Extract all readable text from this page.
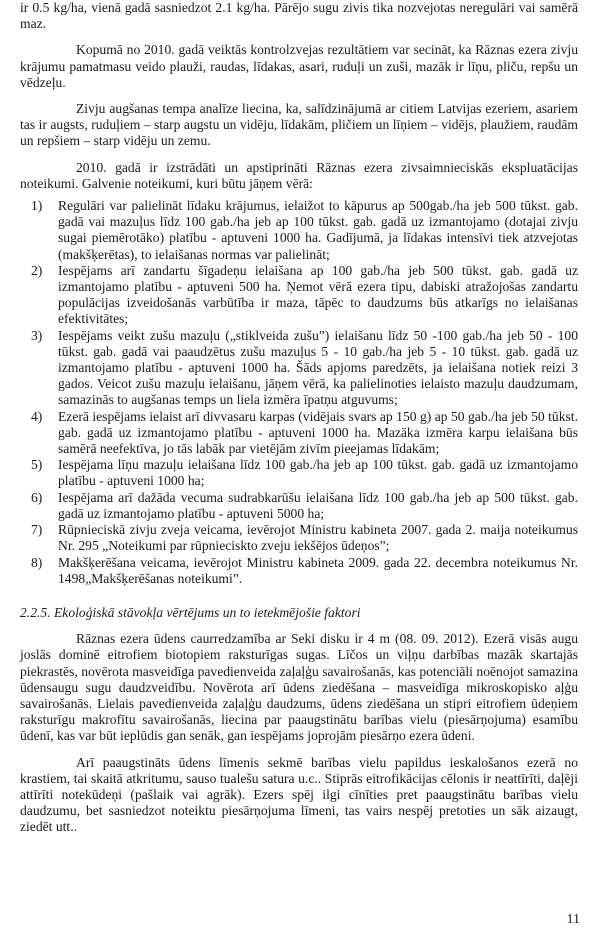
ir 0.5 kg/ha, vienā gadā sasniedzot 2.1 kg/ha. Pārējo sugu zivis tika nozvejotas neregulāri vai samērā maz.

Kopumā no 2010. gadā veiktās kontrolzvejas rezultātiem var secināt, ka Rāznas ezera zivju krājumu pamatmasu veido plauži, raudas, līdakas, asari, ruduļi un zuši, mazāk ir līņu, pliču, repšu un vēdzeļu.

Zivju augšanas tempa analīze liecina, ka, salīdzinājumā ar citiem Latvijas ezeriem, asariem tas ir augsts, ruduļiem – starp augstu un vidēju, līdakām, pličiem un līņiem – vidējs, plaužiem, raudām un repšiem – starp vidēju un zemu.

2010. gadā ir izstrādāti un apstiprināti Rāznas ezera zivsaimnieciskās ekspluatācijas noteikumi. Galvenie noteikumi, kuri būtu jāņem vērā:

1) Regulāri var palielināt līdaku krājumus, ielaižot to kāpurus ap 500gab./ha jeb 500 tūkst. gab. gadā vai mazuļus līdz 100 gab./ha jeb ap 100 tūkst. gab. gadā uz izmantojamo (dotajai zivju sugai piemērotāko) platību - aptuveni 1000 ha. Gadījumā, ja līdakas intensīvi tiek atzvejotas (makšķerētas), to ielaišanas normas var palielināt;
2) Iespējams arī zandartu šīgadeņu ielaišana ap 100 gab./ha jeb 500 tūkst. gab. gadā uz izmantojamo platību - aptuveni 500 ha. Ņemot vērā ezera tipu, dabiski atražojošas zandartu populācijas izveidošanās varbūtība ir maza, tāpēc to daudzums būs atkarīgs no ielaišanas efektivitātes;
3) Iespējams veikt zušu mazuļu („stiklveida zušu”) ielaišanu līdz 50 -100 gab./ha jeb 50 - 100 tūkst. gab. gadā vai paaudzētus zušu mazuļus 5 - 10 gab./ha jeb 5 - 10 tūkst. gab. gadā uz izmantojamo platību - aptuveni 1000 ha. Šāds apjoms paredzēts, ja ielaišana notiek reizi 3 gados. Veicot zušu mazuļu ielaišanu, jāņem vērā, ka palielinoties ielaisto mazuļu daudzumam, samazinās to augšanas temps un liela izmēra īpatņu atguvums;
4) Ezerā iespējams ielaist arī divvasaru karpas (vidējais svars ap 150 g) ap 50 gab./ha jeb 50 tūkst. gab. gadā uz izmantojamo platību - aptuveni 1000 ha. Mazāka izmēra karpu ielaišana būs samērā neefektīva, jo tās labāk par vietējām zivīm pieejamas līdakām;
5) Iespējama līņu mazuļu ielaišana līdz 100 gab./ha jeb ap 100 tūkst. gab. gadā uz izmantojamo platību - aptuveni 1000 ha;
6) Iespējama arī dažāda vecuma sudrabkarūšu ielaišana līdz 100 gab./ha jeb ap 500 tūkst. gab. gadā uz izmantojamo platību - aptuveni 5000 ha;
7) Rūpnieciskā zivju zveja veicama, ievērojot Ministru kabineta 2007. gada 2. maija noteikumus Nr. 295 „Noteikumi par rūpnieciskto zveju iekšējos ūdeņos”;
8) Makšķerēšana veicama, ievērojot Ministru kabineta 2009. gada 22. decembra noteikumus Nr. 1498„Makšķerēšanas noteikumi”.

2.2.5. Ekoloģiskā stāvokļa vērtējums un to ietekmējošie faktori

Rāznas ezera ūdens caurredzamība ar Seki disku ir 4 m (08. 09. 2012). Ezerā visās augu joslās dominē eitrofiem biotopiem raksturīgas sugas. Līčos un viļņu darbības mazāk skartajās piekrastēs, novērota masveidīga pavedienveida zaļaļģu savairošanās, kas potenciāli noēnojot samazina ūdensaugu sugu daudzveidību. Novērota arī ūdens ziedēšana – masveidīga mikroskopisko aļģu savairošanās. Lielais pavedienveida zaļaļģu daudzums, ūdens ziedēšana un stipri eitrofiem ūdeņiem raksturīgu makrofītu savairošanās, liecina par paaugstinātu barības vielu (piesārņojuma) esamību ūdenī, kas var būt ieplūdis gan senāk, gan iespējams joprojām piesārņo ezera ūdeni.

Arī paaugstināts ūdens līmenis sekmē barības vielu papildus ieskalošanos ezerā no krastiem, tai skaitā atkritumu, sauso tualešu satura u.c.. Stiprās eitrofikācijas cēlonis ir neattīrīti, daļēji attīrīti notekūdeņi (pašlaik vai agrāk). Ezers spēj ilgi cīnīties pret paaugstinātu barības vielu daudzumu, bet sasniedzot noteiktu piesārņojuma līmeni, tas vairs nespēj pretoties un sāk aizaugt, ziedēt utt..

11
